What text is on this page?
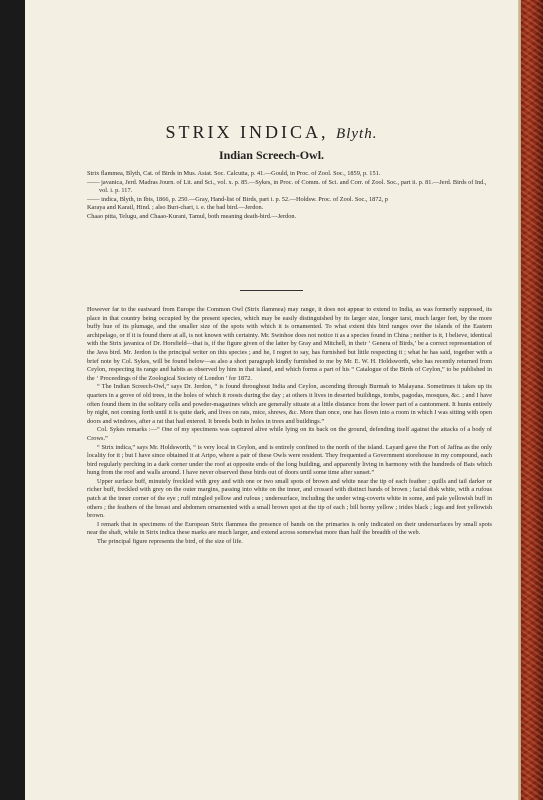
STRIX INDICA, Blyth.
Indian Screech-Owl.

Strix flammea, Blyth, Cat. of Birds in Mus. Asiat. Soc. Calcutta, p. 41.—Gould, in Proc. of Zool. Soc., 1859, p. 151.

—— javanica, Jerd. Madras Journ. of Lit. and Sci., vol. x. p. 85.—Sykes, in Proc. of Comm. of Sci. and Corr. of Zool. Soc., part ii. p. 81.—Jerd. Birds of Ind., vol. i. p. 117.

—— indica, Blyth, in Ibis, 1866, p. 250.—Gray, Hand-list of Birds, part i. p. 52.—Holdsw. Proc. of Zool. Soc., 1872, p

Karaya and Karail, Hind. ; also Buri-chari, i. e. the bad bird.—Jerdon.

Chaao pitta, Telugu, and Chaao-Kurani, Tamul, both meaning death-bird.—Jerdon.

However far to the eastward from Europe the Common Owl (Strix flammea) may range, it does not appear to extend to India, as was formerly supposed, its place in that country being occupied by the present species, which may be easily distinguished by its larger size, longer tarsi, much larger feet, by the more buffy hue of its plumage, and the smaller size of the spots with which it is ornamented. To what extent this bird ranges over the islands of the Eastern archipelago, or if it is found there at all, is not known with certainty. Mr. Swinhoe does not notice it as a species found in China ; neither is it, I believe, identical with the Strix javanica of Dr. Horsfield—that is, if the figure given of the latter by Gray and Mitchell, in their ‘ Genera of Birds,’ be a correct representation of the Java bird. Mr. Jerdon is the principal writer on this species ; and he, I regret to say, has furnished but little respecting it ; what he has said, together with a brief note by Col. Sykes, will be found below—as also a short paragraph kindly furnished to me by Mr. E. W. H. Holdsworth, who has recently returned from Ceylon, respecting its range and habits as observed by him in that island, and which forms a part of his “ Catalogue of the Birds of Ceylon,” to be published in the ‘ Proceedings of the Zoological Society of London ’ for 1872.

“ The Indian Screech-Owl,” says Dr. Jerdon, “ is found throughout India and Ceylon, ascending through Burmah to Malayana. Sometimes it takes up its quarters in a grove of old trees, in the holes of which it roosts during the day ; at others it lives in deserted buildings, tombs, pagodas, mosques, &c. ; and I have often found them in the solitary cells and powder-magazines which are generally situate at a little distance from the lower part of a cantonment. It hunts entirely by night, not coming forth until it is quite dark, and lives on rats, mice, shrews, &c. More than once, one has flown into a room in which I was sitting with open doors and windows, after a rat that had entered. It breeds both in holes in trees and buildings.”

Col. Sykes remarks :—“ One of my specimens was captured alive while lying on its back on the ground, defending itself against the attacks of a body of Crows.”

“ Strix indica,” says Mr. Holdsworth, “ is very local in Ceylon, and is entirely confined to the north of the island. Layard gave the Fort of Jaffna as the only locality for it ; but I have since obtained it at Aripo, where a pair of these Owls were resident. They frequented a Government storehouse in my compound, each bird regularly perching in a dark corner under the roof at opposite ends of the long building, and apparently living in harmony with the hundreds of Bats which hung from the roof and walls around. I have never observed these birds out of doors until some time after sunset.”

Upper surface buff, minutely freckled with grey and with one or two small spots of brown and white near the tip of each feather ; quills and tail darker or richer buff, freckled with grey on the outer margins, passing into white on the inner, and crossed with distinct bands of brown ; facial disk white, with a rufous patch at the inner corner of the eye ; ruff mingled yellow and rufous ; undersurface, including the under wing-coverts white in some, and pale yellowish buff in others ; the feathers of the breast and abdomen ornamented with a small brown spot at the tip of each ; bill horny yellow ; irides black ; legs and feet yellowish brown.

I remark that in specimens of the European Strix flammea the presence of bands on the primaries is only indicated on their undersurfaces by small spots near the shaft, while in Strix indica these marks are much larger, and extend across somewhat more than half the breadth of the web.

The principal figure represents the bird, of the size of life.
